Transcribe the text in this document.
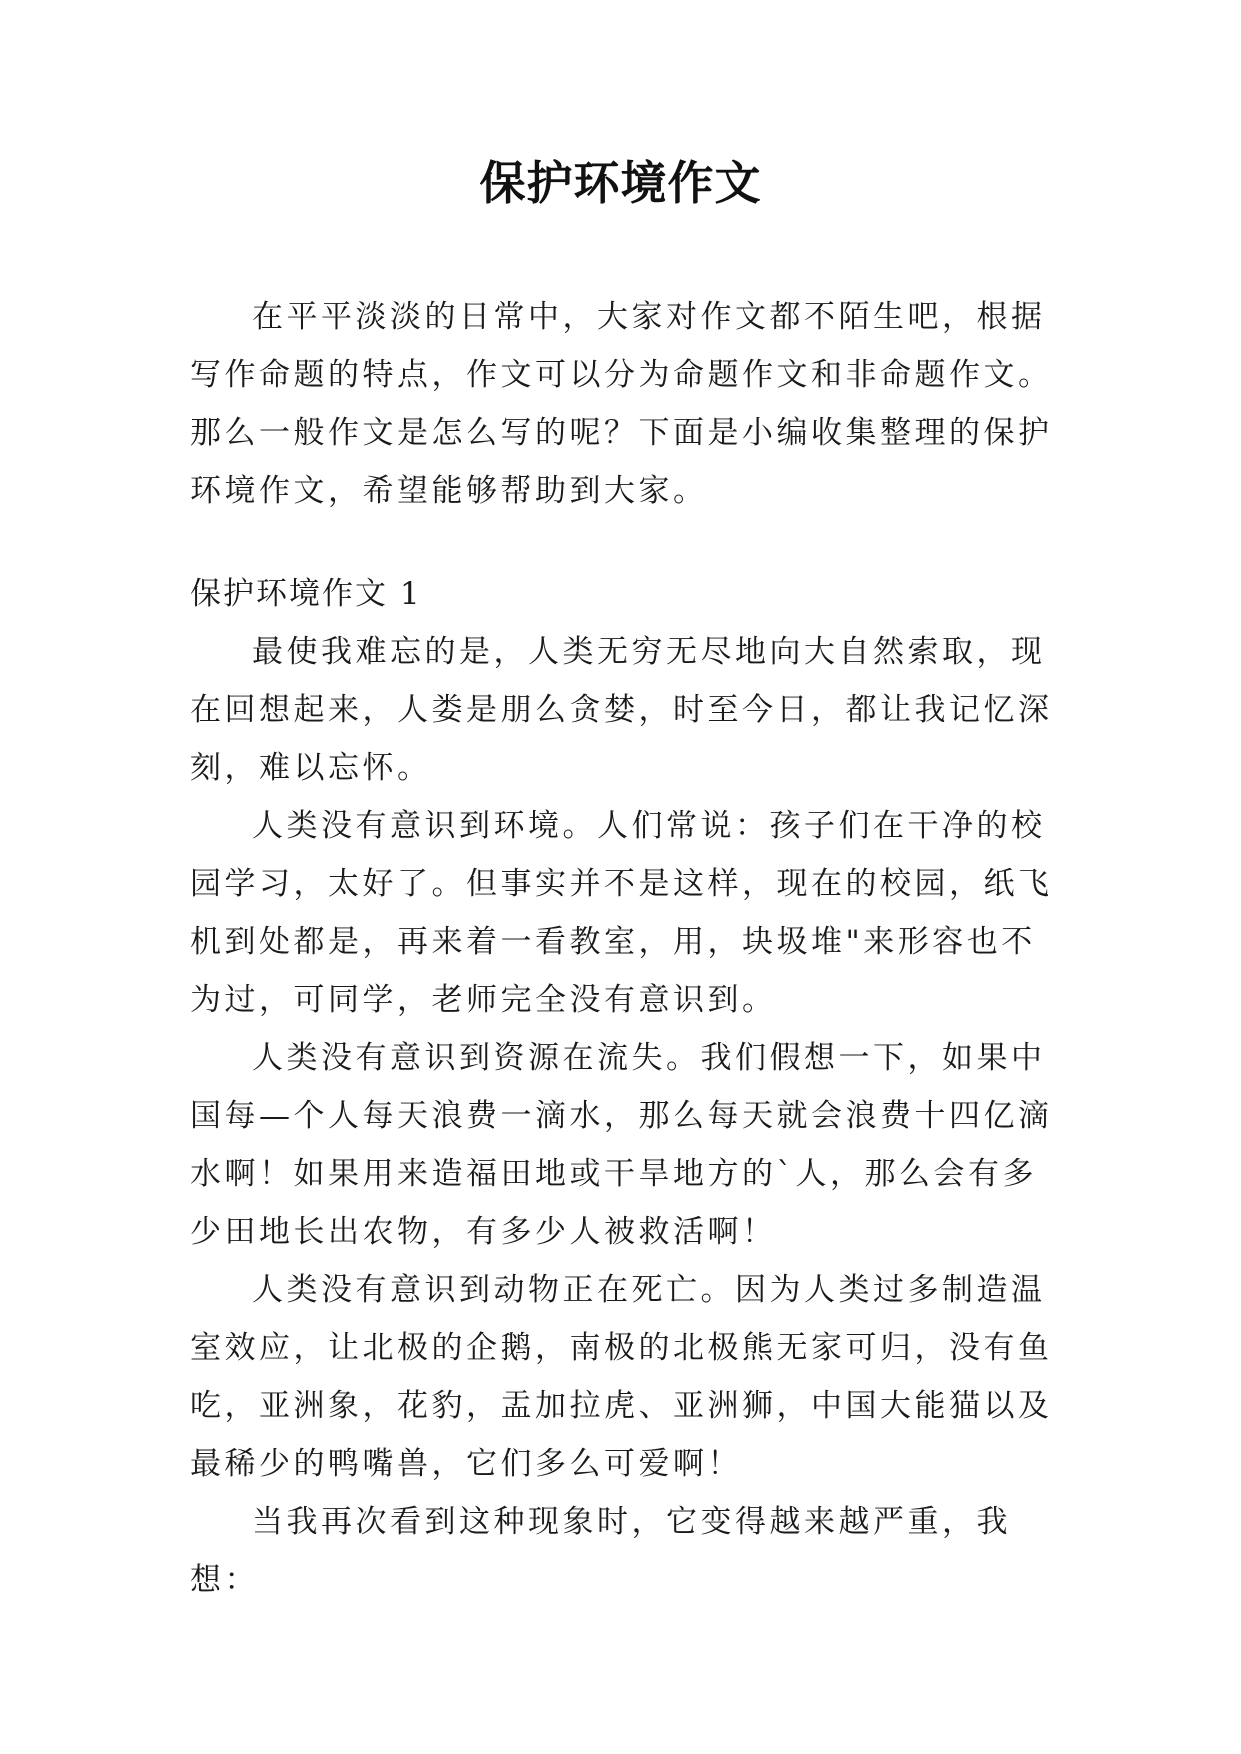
保护环境作文

在平平淡淡的日常中，大家对作文都不陌生吧，根据写作命题的特点，作文可以分为命题作文和非命题作文。那么一般作文是怎么写的呢？下面是小编收集整理的保护环境作文，希望能够帮助到大家。

保护环境作文 1

最使我难忘的是，人类无穷无尽地向大自然索取，现在回想起来，人娄是朋么贪婪，时至今日，都让我记忆深刻，难以忘怀。

人类没有意识到环境。人们常说：孩子们在干净的校园学习，太好了。但事实并不是这样，现在的校园，纸飞机到处都是，再来着一看教室，用，块圾堆"来形容也不为过，可同学，老师完全没有意识到。

人类没有意识到资源在流失。我们假想一下，如果中国每—个人每天浪费一滴水，那么每天就会浪费十四亿滴水啊！如果用来造福田地或干旱地方的`人，那么会有多少田地长出农物，有多少人被救活啊！

人类没有意识到动物正在死亡。因为人类过多制造温室效应，让北极的企鹅，南极的北极熊无家可归，没有鱼吃，亚洲象，花豹，盂加拉虎、亚洲狮，中国大能猫以及最稀少的鸭嘴兽，它们多么可爱啊！

当我再次看到这种现象时，它变得越来越严重，我想：
